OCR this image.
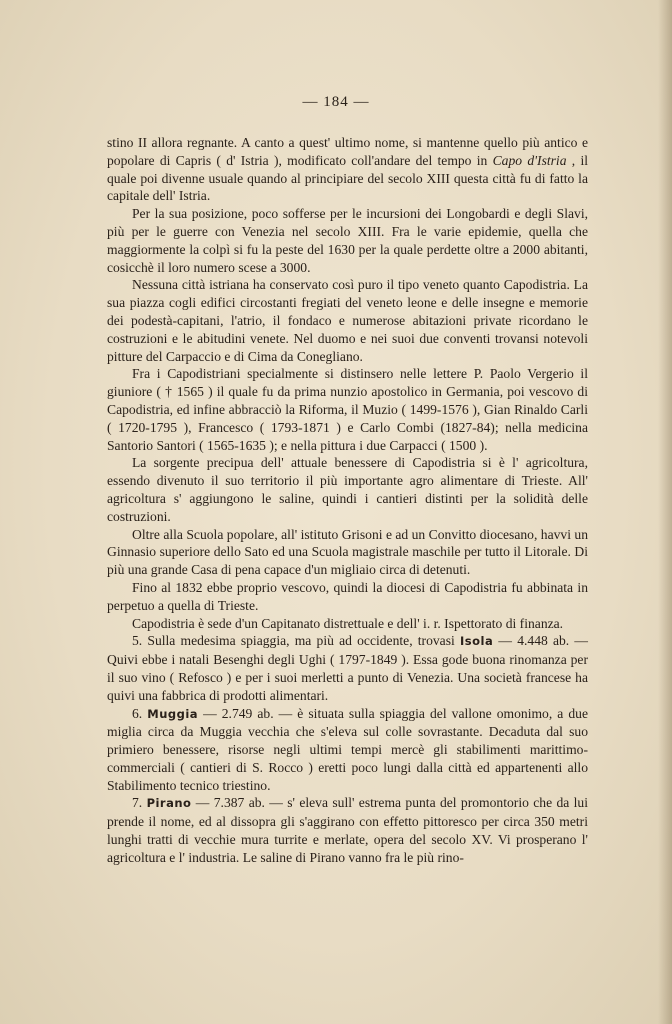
— 184 —

stino II allora regnante. A canto a quest' ultimo nome, si mantenne quello più antico e popolare di Capris ( d' Istria ), modificato coll'andare del tempo in Capo d'Istria , il quale poi divenne usuale quando al principiare del secolo XIII questa città fu di fatto la capitale dell' Istria.

Per la sua posizione, poco sofferse per le incursioni dei Longobardi e degli Slavi, più per le guerre con Venezia nel secolo XIII. Fra le varie epidemie, quella che maggiormente la colpì si fu la peste del 1630 per la quale perdette oltre a 2000 abitanti, cosicchè il loro numero scese a 3000.

Nessuna città istriana ha conservato così puro il tipo veneto quanto Capodistria. La sua piazza cogli edifici circostanti fregiati del veneto leone e delle insegne e memorie dei podestà-capitani, l'atrio, il fondaco e numerose abitazioni private ricordano le costruzioni e le abitudini venete. Nel duomo e nei suoi due conventi trovansi notevoli pitture del Carpaccio e di Cima da Conegliano.

Fra i Capodistriani specialmente si distinsero nelle lettere P. Paolo Vergerio il giuniore ( † 1565 ) il quale fu da prima nunzio apostolico in Germania, poi vescovo di Capodistria, ed infine abbracciò la Riforma, il Muzio ( 1499-1576 ), Gian Rinaldo Carli ( 1720-1795 ), Francesco ( 1793-1871 ) e Carlo Combi (1827-84); nella medicina Santorio Santori ( 1565-1635 ); e nella pittura i due Carpacci ( 1500 ).

La sorgente precipua dell' attuale benessere di Capodistria si è l' agricoltura, essendo divenuto il suo territorio il più importante agro alimentare di Trieste. All' agricoltura s' aggiungono le saline, quindi i cantieri distinti per la solidità delle costruzioni.

Oltre alla Scuola popolare, all' istituto Grisoni e ad un Convitto diocesano, havvi un Ginnasio superiore dello Sato ed una Scuola magistrale maschile per tutto il Litorale. Di più una grande Casa di pena capace d'un migliaio circa di detenuti.

Fino al 1832 ebbe proprio vescovo, quindi la diocesi di Capodistria fu abbinata in perpetuo a quella di Trieste.

Capodistria è sede d'un Capitanato distrettuale e dell' i. r. Ispettorato di finanza.

5. Sulla medesima spiaggia, ma più ad occidente, trovasi Isola — 4.448 ab. — Quivi ebbe i natali Besenghi degli Ughi ( 1797-1849 ). Essa gode buona rinomanza per il suo vino ( Refosco ) e per i suoi merletti a punto di Venezia. Una società francese ha quivi una fabbrica di prodotti alimentari.

6. Muggia — 2.749 ab. — è situata sulla spiaggia del vallone omonimo, a due miglia circa da Muggia vecchia che s'eleva sul colle sovrastante. Decaduta dal suo primiero benessere, risorse negli ultimi tempi mercè gli stabilimenti marittimo-commerciali ( cantieri di S. Rocco ) eretti poco lungi dalla città ed appartenenti allo Stabilimento tecnico triestino.

7. Pirano — 7.387 ab. — s' eleva sull' estrema punta del promontorio che da lui prende il nome, ed al dissopra gli s'aggirano con effetto pittoresco per circa 350 metri lunghi tratti di vecchie mura turrite e merlate, opera del secolo XV. Vi prosperano l' agricoltura e l' industria. Le saline di Pirano vanno fra le più rino-
